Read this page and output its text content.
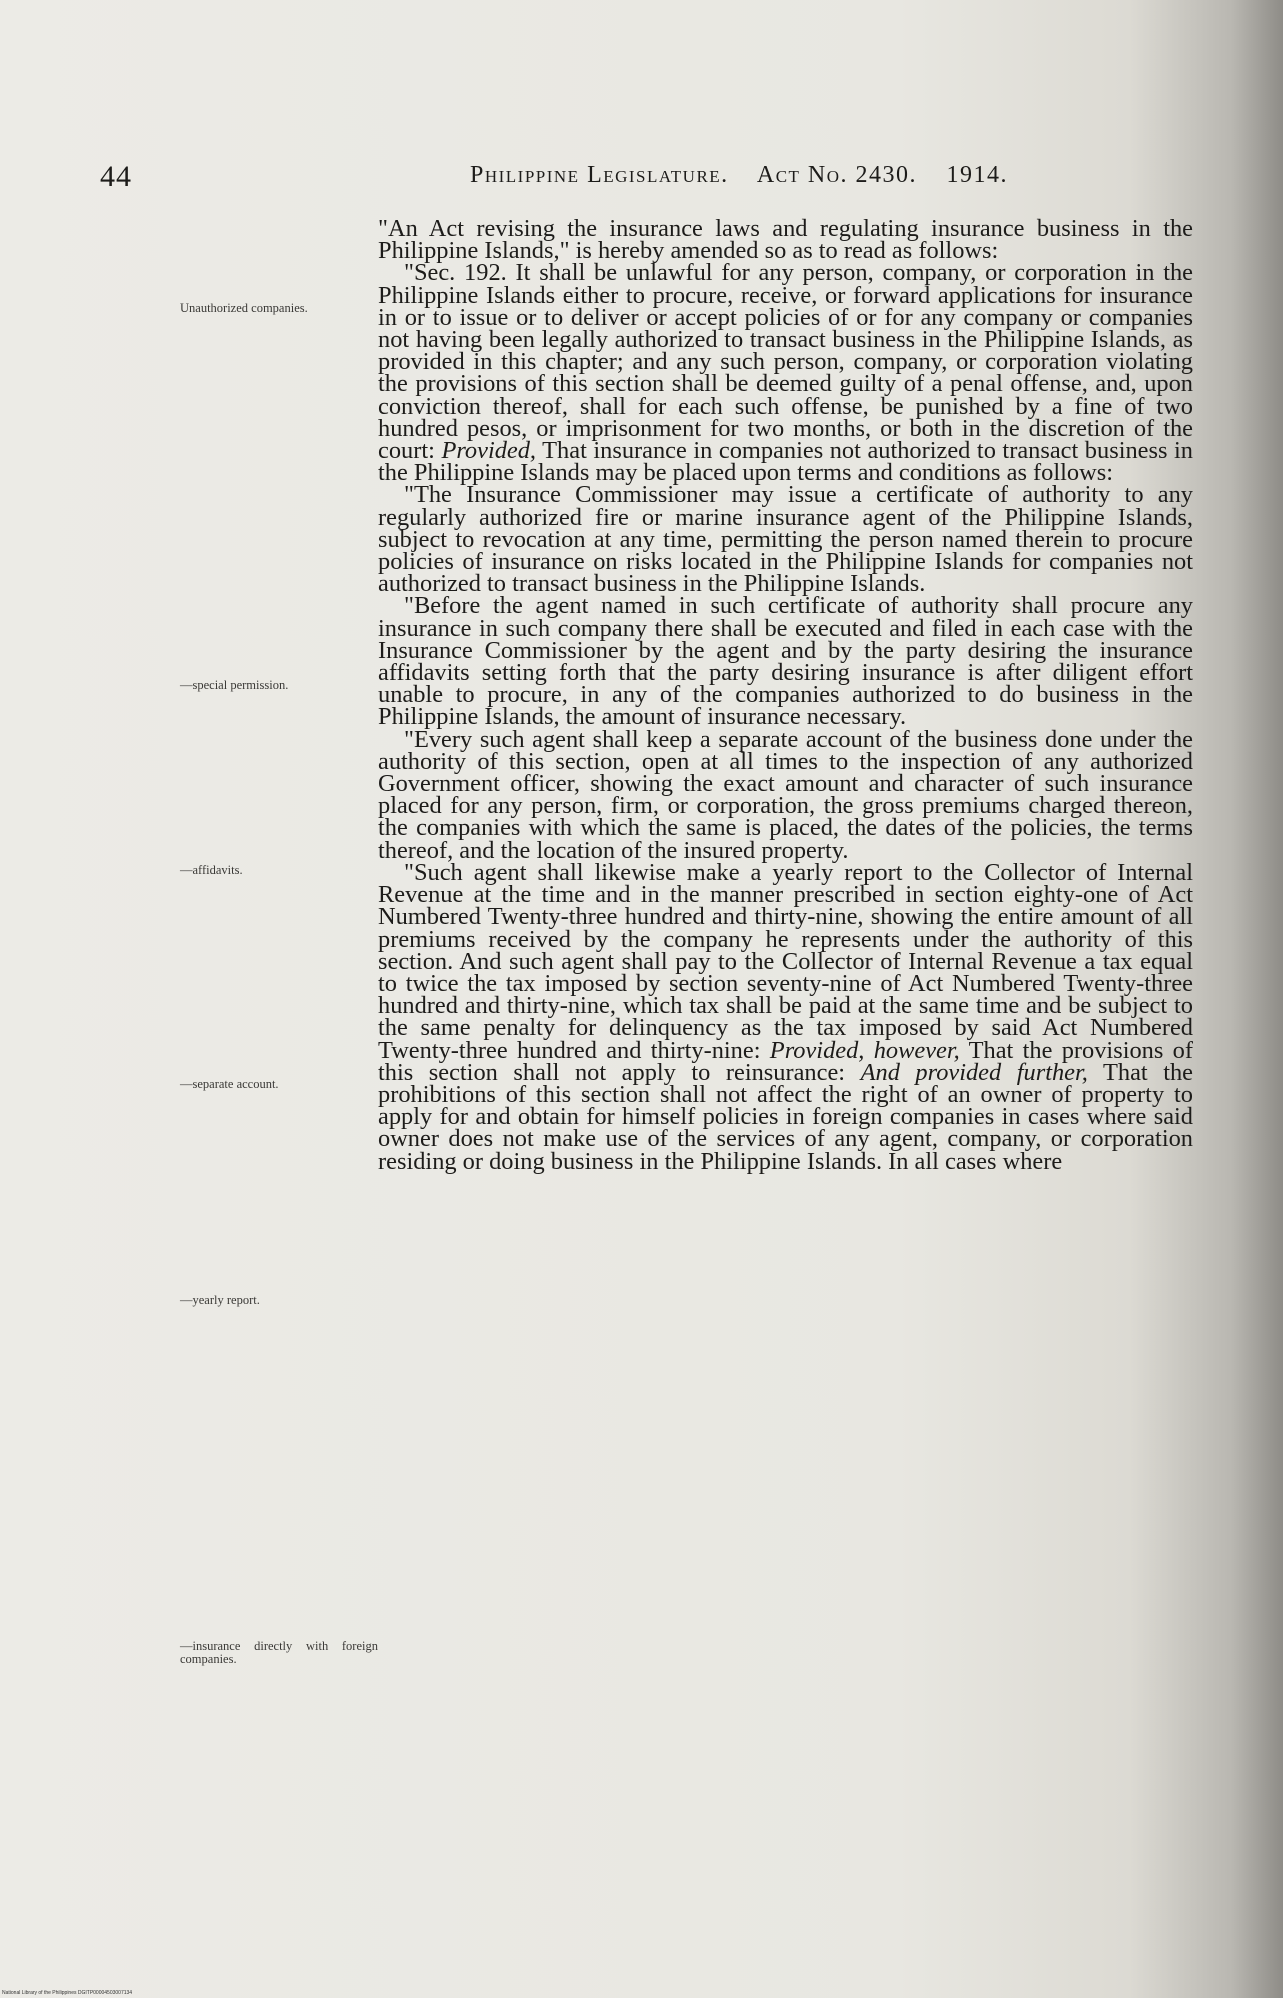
44	Philippine Legislature. Act No. 2430. 1914.
Unauthorized companies.
—special permission.
—affidavits.
—separate account.
—yearly report.
—insurance directly with foreign companies.

"An Act revising the insurance laws and regulating insurance business in the Philippine Islands," is hereby amended so as to read as follows:

"Sec. 192. It shall be unlawful for any person, company, or corporation in the Philippine Islands either to procure, receive, or forward applications for insurance in or to issue or to deliver or accept policies of or for any company or companies not having been legally authorized to transact business in the Philippine Islands, as provided in this chapter; and any such person, company, or corporation violating the provisions of this section shall be deemed guilty of a penal offense, and, upon conviction thereof, shall for each such offense, be punished by a fine of two hundred pesos, or imprisonment for two months, or both in the discretion of the court: Provided, That insurance in companies not authorized to transact business in the Philippine Islands may be placed upon terms and conditions as follows:

"The Insurance Commissioner may issue a certificate of authority to any regularly authorized fire or marine insurance agent of the Philippine Islands, subject to revocation at any time, permitting the person named therein to procure policies of insurance on risks located in the Philippine Islands for companies not authorized to transact business in the Philippine Islands.

"Before the agent named in such certificate of authority shall procure any insurance in such company there shall be executed and filed in each case with the Insurance Commissioner by the agent and by the party desiring the insurance affidavits setting forth that the party desiring insurance is after diligent effort unable to procure, in any of the companies authorized to do business in the Philippine Islands, the amount of insurance necessary.

"Every such agent shall keep a separate account of the business done under the authority of this section, open at all times to the inspection of any authorized Government officer, showing the exact amount and character of such insurance placed for any person, firm, or corporation, the gross premiums charged thereon, the companies with which the same is placed, the dates of the policies, the terms thereof, and the location of the insured property.

"Such agent shall likewise make a yearly report to the Collector of Internal Revenue at the time and in the manner prescribed in section eighty-one of Act Numbered Twenty-three hundred and thirty-nine, showing the entire amount of all premiums received by the company he represents under the authority of this section. And such agent shall pay to the Collector of Internal Revenue a tax equal to twice the tax imposed by section seventy-nine of Act Numbered Twenty-three hundred and thirty-nine, which tax shall be paid at the same time and be subject to the same penalty for delinquency as the tax imposed by said Act Numbered Twenty-three hundred and thirty-nine: Provided, however, That the provisions of this section shall not apply to reinsurance: And provided further, That the prohibitions of this section shall not affect the right of an owner of property to apply for and obtain for himself policies in foreign companies in cases where said owner does not make use of the services of any agent, company, or corporation residing or doing business in the Philippine Islands. In all cases where

National Library of the Philippines DGITP00004503007134
